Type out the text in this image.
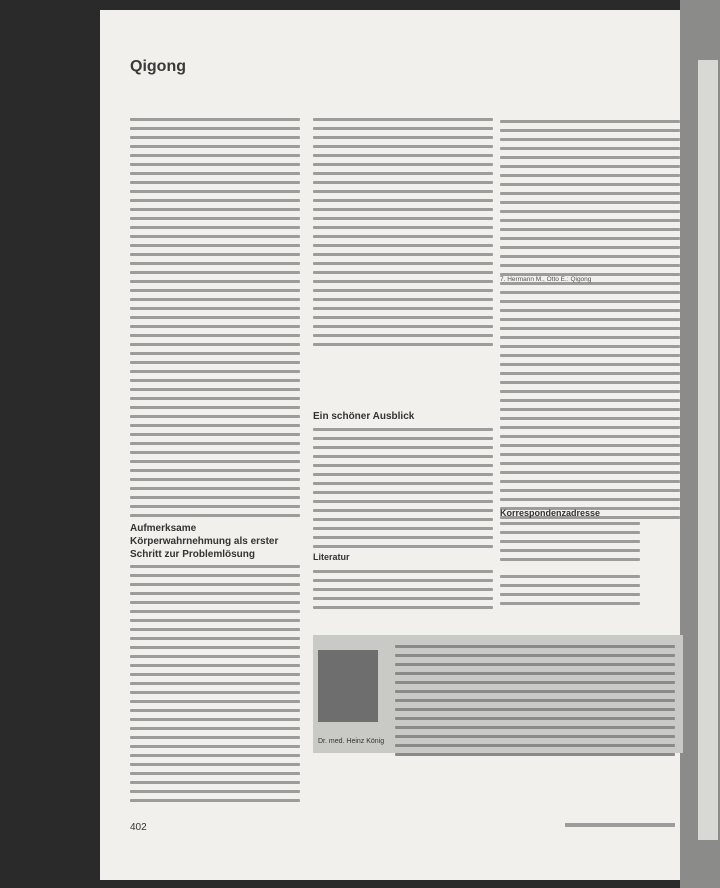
Qigong
Aufmerksame Körperwahrnehmung als erster Schritt zur Problemlösung
Ein schöner Ausblick
Literatur
7. Hermann M., Otto E.: Qigong
Korrespondenzadresse
Dr. med. Heinz König
402
